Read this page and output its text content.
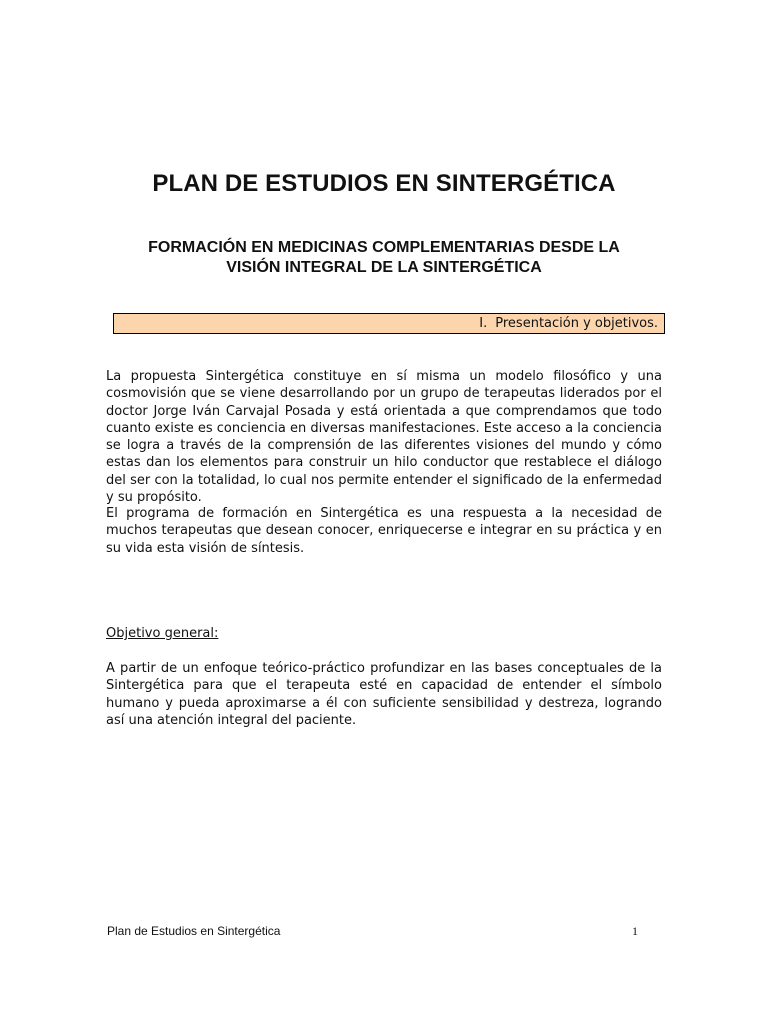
PLAN DE ESTUDIOS EN SINTERGÉTICA
FORMACIÓN EN MEDICINAS COMPLEMENTARIAS DESDE LA
VISIÓN INTEGRAL DE LA SINTERGÉTICA
I. Presentación y objetivos.

La propuesta Sintergética constituye en sí misma un modelo filosófico y una cosmovisión que se viene desarrollando por un grupo de terapeutas liderados por el doctor Jorge Iván Carvajal Posada y está orientada a que comprendamos que todo cuanto existe es conciencia en diversas manifestaciones. Este acceso a la conciencia se logra a través de la comprensión de las diferentes visiones del mundo y cómo estas dan los elementos para construir un hilo conductor que restablece el diálogo del ser con la totalidad, lo cual nos permite entender el significado de la enfermedad y su propósito.

El programa de formación en Sintergética es una respuesta a la necesidad de muchos terapeutas que desean conocer, enriquecerse e integrar en su práctica y en su vida esta visión de síntesis.

Objetivo general:

A partir de un enfoque teórico-práctico profundizar en las bases conceptuales de la Sintergética para que el terapeuta esté en capacidad de entender el símbolo humano y pueda aproximarse a él con suficiente sensibilidad y destreza, logrando así una atención integral del paciente.

Plan de Estudios en Sintergética	1
